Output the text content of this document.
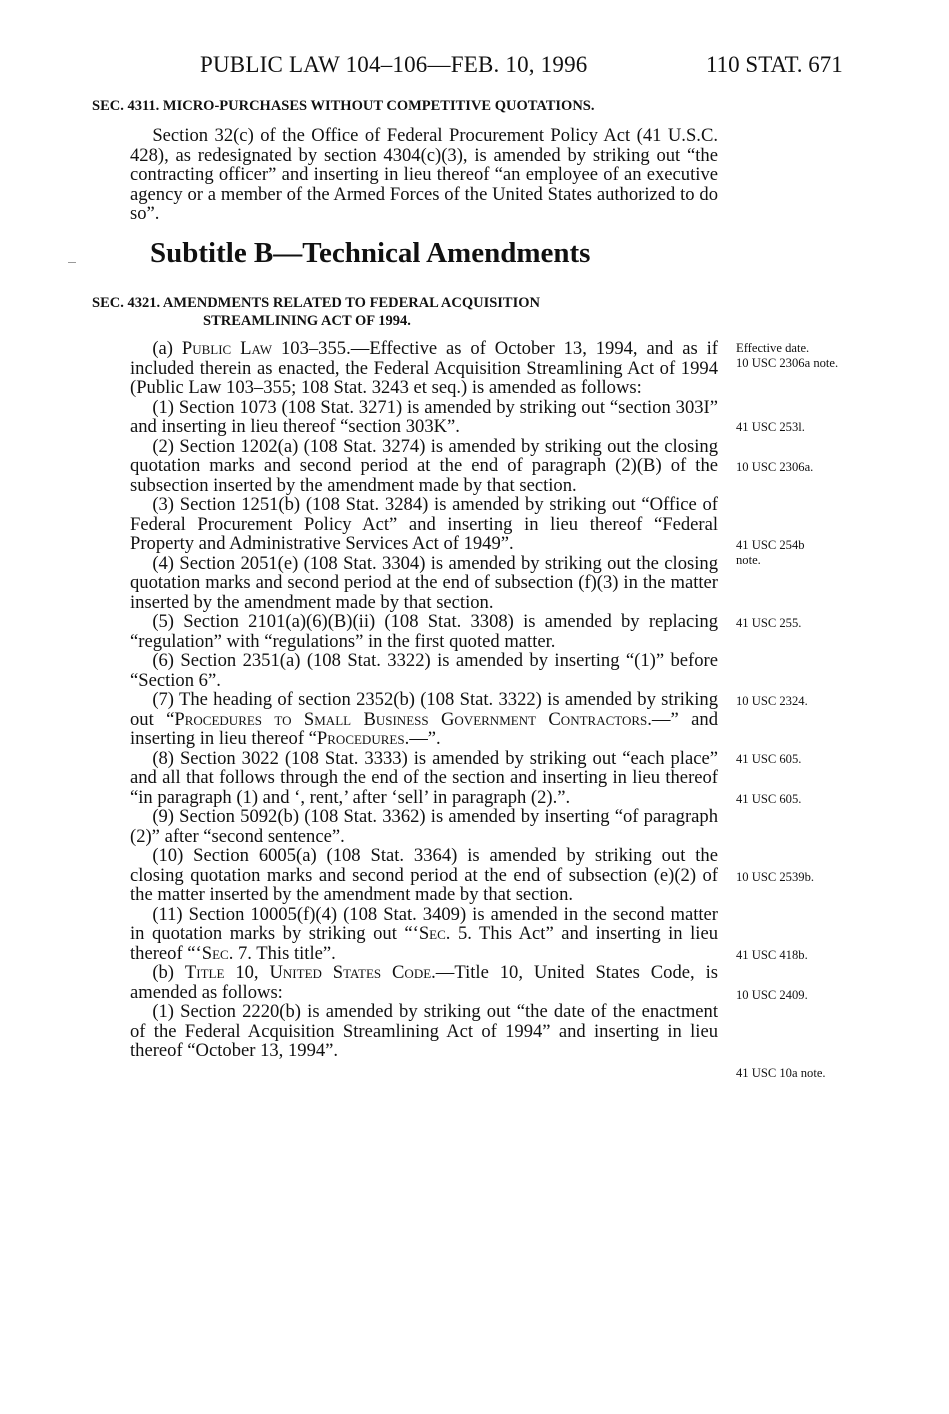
PUBLIC LAW 104–106—FEB. 10, 1996	110 STAT. 671
SEC. 4311. MICRO-PURCHASES WITHOUT COMPETITIVE QUOTATIONS.

Section 32(c) of the Office of Federal Procurement Policy Act (41 U.S.C. 428), as redesignated by section 4304(c)(3), is amended by striking out “the contracting officer” and inserting in lieu thereof “an employee of an executive agency or a member of the Armed Forces of the United States authorized to do so”.

Subtitle B—Technical Amendments
SEC. 4321. AMENDMENTS RELATED TO FEDERAL ACQUISITION
STREAMLINING ACT OF 1994.

(a) Public Law 103–355.—Effective as of October 13, 1994, and as if included therein as enacted, the Federal Acquisition Streamlining Act of 1994 (Public Law 103–355; 108 Stat. 3243 et seq.) is amended as follows:

(1) Section 1073 (108 Stat. 3271) is amended by striking out “section 303I” and inserting in lieu thereof “section 303K”.

(2) Section 1202(a) (108 Stat. 3274) is amended by striking out the closing quotation marks and second period at the end of paragraph (2)(B) of the subsection inserted by the amendment made by that section.

(3) Section 1251(b) (108 Stat. 3284) is amended by striking out “Office of Federal Procurement Policy Act” and inserting in lieu thereof “Federal Property and Administrative Services Act of 1949”.

(4) Section 2051(e) (108 Stat. 3304) is amended by striking out the closing quotation marks and second period at the end of subsection (f)(3) in the matter inserted by the amendment made by that section.

(5) Section 2101(a)(6)(B)(ii) (108 Stat. 3308) is amended by replacing “regulation” with “regulations” in the first quoted matter.

(6) Section 2351(a) (108 Stat. 3322) is amended by inserting “(1)” before “Section 6”.

(7) The heading of section 2352(b) (108 Stat. 3322) is amended by striking out “Procedures to Small Business Government Contractors.—” and inserting in lieu thereof “Procedures.—”.

(8) Section 3022 (108 Stat. 3333) is amended by striking out “each place” and all that follows through the end of the section and inserting in lieu thereof “in paragraph (1) and ‘, rent,’ after ‘sell’ in paragraph (2).”.

(9) Section 5092(b) (108 Stat. 3362) is amended by inserting “of paragraph (2)” after “second sentence”.

(10) Section 6005(a) (108 Stat. 3364) is amended by striking out the closing quotation marks and second period at the end of subsection (e)(2) of the matter inserted by the amendment made by that section.

(11) Section 10005(f)(4) (108 Stat. 3409) is amended in the second matter in quotation marks by striking out “‘Sec. 5. This Act” and inserting in lieu thereof “‘Sec. 7. This title”.

(b) Title 10, United States Code.—Title 10, United States Code, is amended as follows:

(1) Section 2220(b) is amended by striking out “the date of the enactment of the Federal Acquisition Streamlining Act of 1994” and inserting in lieu thereof “October 13, 1994”.

Effective date.
10 USC 2306a note.
41 USC 253l.
10 USC 2306a.
41 USC 254b note.
41 USC 255.
10 USC 2324.
41 USC 605.
41 USC 605.
10 USC 2539b.
41 USC 418b.
10 USC 2409.
41 USC 10a note.
